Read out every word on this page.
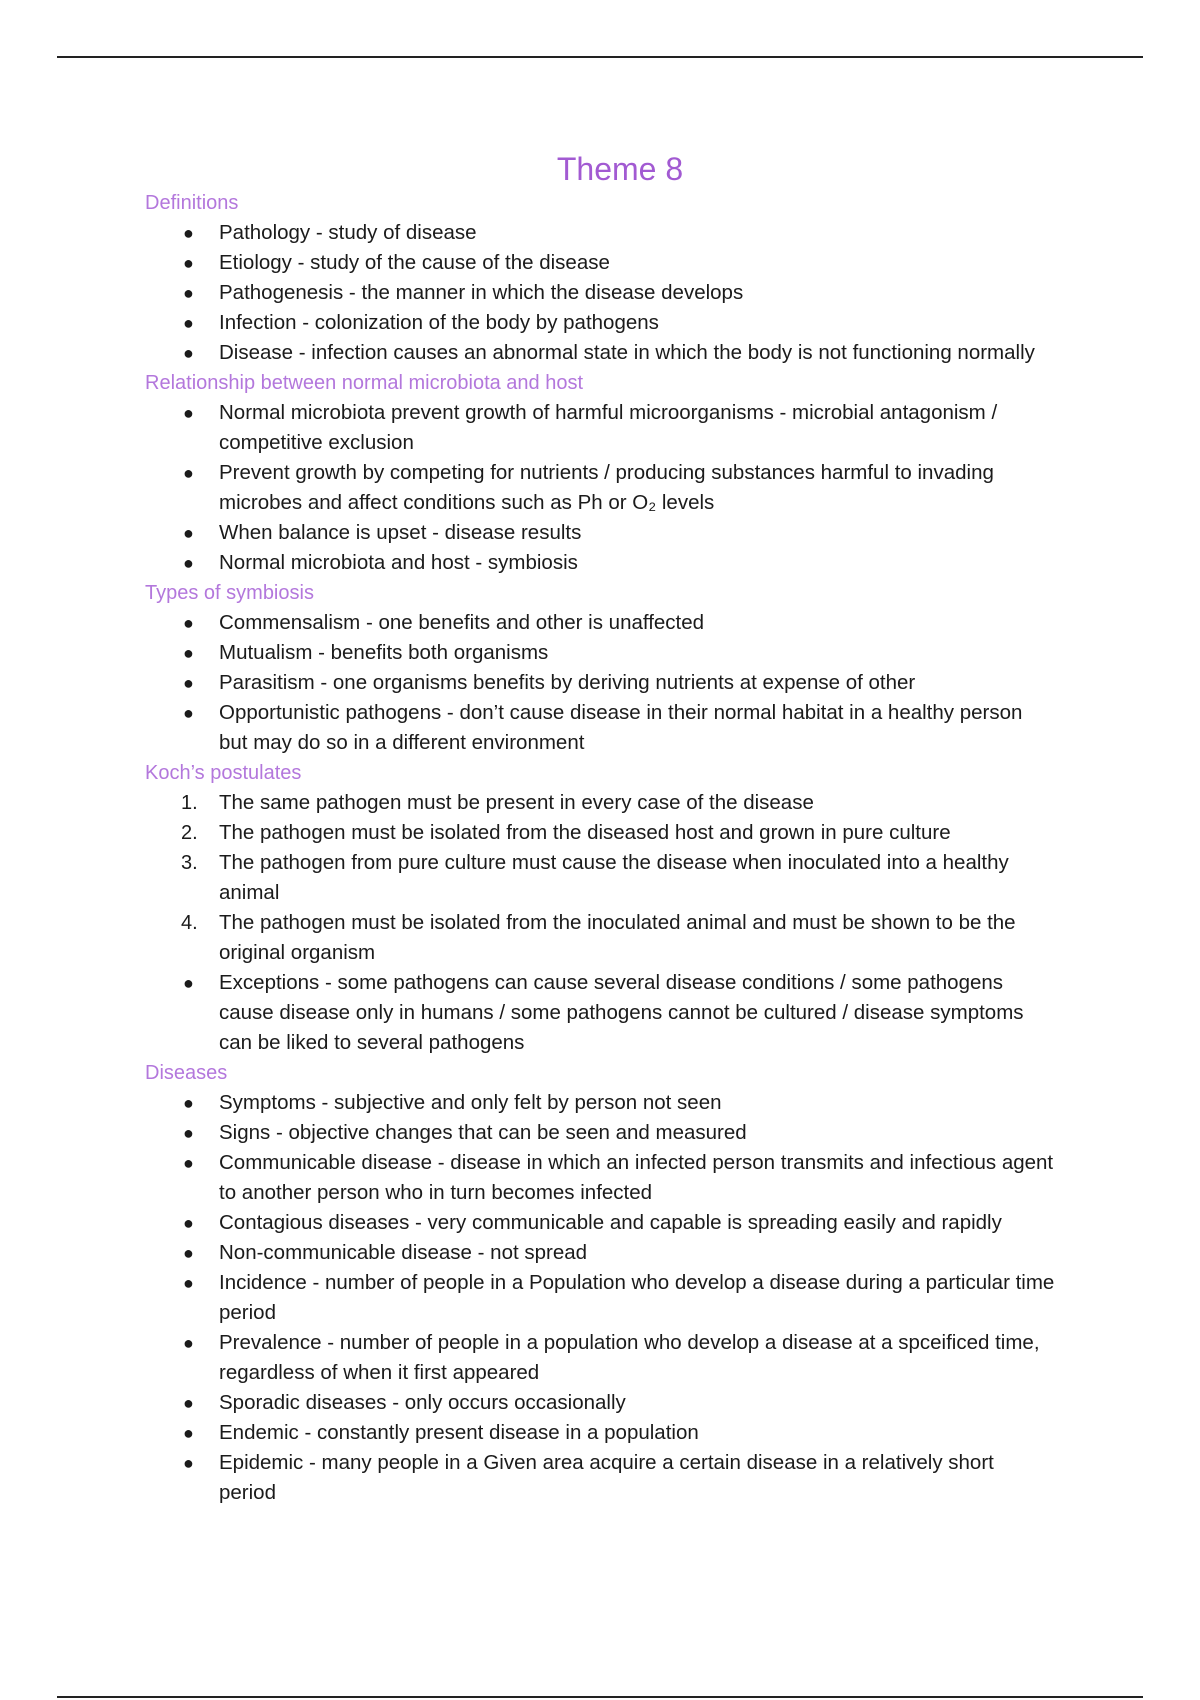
Theme 8
Definitions
●	Pathology - study of disease
●	Etiology - study of the cause of the disease
●	Pathogenesis - the manner in which the disease develops
●	Infection - colonization of the body by pathogens
●	Disease - infection causes an abnormal state in which the body is not functioning normally
Relationship between normal microbiota and host
●	Normal microbiota prevent growth of harmful microorganisms - microbial antagonism / competitive exclusion
●	Prevent growth by competing for nutrients / producing substances harmful to invading microbes and affect conditions such as Ph or O₂ levels
●	When balance is upset - disease results
●	Normal microbiota and host - symbiosis
Types of symbiosis
●	Commensalism - one benefits and other is unaffected
●	Mutualism - benefits both organisms
●	Parasitism - one organisms benefits by deriving nutrients at expense of other
●	Opportunistic pathogens - don’t cause disease in their normal habitat in a healthy person but may do so in a different environment
Koch’s postulates
1.	The same pathogen must be present in every case of the disease
2.	The pathogen must be isolated from the diseased host and grown in pure culture
3.	The pathogen from pure culture must cause the disease when inoculated into a healthy animal
4.	The pathogen must be isolated from the inoculated animal and must be shown to be the original organism
●	Exceptions - some pathogens can cause several disease conditions / some pathogens cause disease only in humans / some pathogens cannot be cultured / disease symptoms can be liked to several pathogens
Diseases
●	Symptoms - subjective and only felt by person not seen
●	Signs - objective changes that can be seen and measured
●	Communicable disease - disease in which an infected person transmits and infectious agent to another person who in turn becomes infected
●	Contagious diseases - very communicable and capable is spreading easily and rapidly
●	Non-communicable disease - not spread
●	Incidence - number of people in a Population who develop a disease during a particular time period
●	Prevalence - number of people in a population who develop a disease at a spceificed time, regardless of when it first appeared
●	Sporadic diseases - only occurs occasionally
●	Endemic - constantly present disease in a population
●	Epidemic - many people in a Given area acquire a certain disease in a relatively short period
